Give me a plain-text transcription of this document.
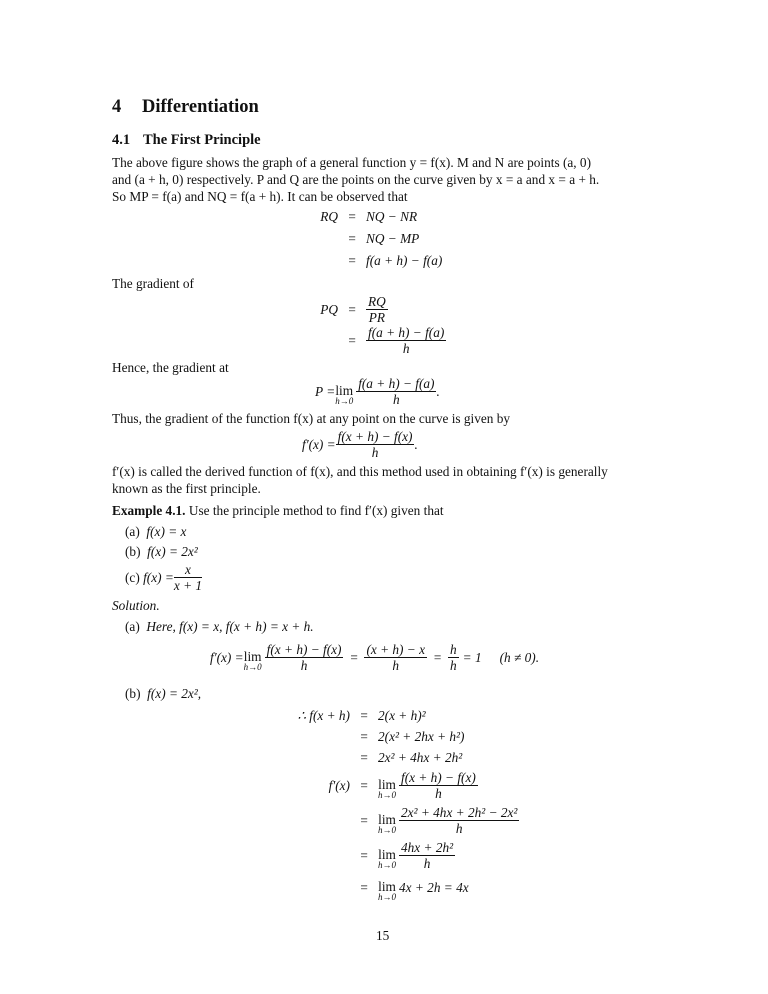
4 Differentiation
4.1 The First Principle
The above figure shows the graph of a general function y = f(x). M and N are points (a, 0)
and (a + h, 0) respectively. P and Q are the points on the curve given by x = a and x = a + h.
So MP = f(a) and NQ = f(a + h). It can be observed that
RQ = NQ − NR
= NQ − MP
= f(a + h) − f(a)
The gradient of
PQ = $\frac{RQ}{PR}$
= $\frac{f(a + h) - f(a)}{h}$
Hence, the gradient at
P = lim
$h\to 0 \frac{f(a + h) - f(a)}{h}$ .
Thus, the gradient of the function f(x) at any point on the curve is given by
$f'(x) = \frac{f(x + h) - f(x)}{h}$ .
f′(x) is called the derived function of f(x), and this method used in obtaining f′(x) is generally
known as the first principle.
Example 4.1. Use the principle method to find f′(x) given that
(a) f(x) = x
(b) f(x) = 2x²
(c)
$f(x) = \frac{x}{x + 1}$
Solution.
(a) Here, f(x) = x, f(x + h) = x + h.
f′(x) = lim
$h\to 0 \frac{f(x + h) - f(x)}{h} = \frac{(x + h) - x}{h} = \frac{h}{h} = 1$ (h ≠ 0).
(b) f(x) = 2x²,
∴ f(x + h) = 2(x + h)²
= 2(x² + 2hx + h²)
= 2x² + 4hx + 2h²
f′(x) = lim
$h\to 0 \frac{f(x + h) - f(x)}{h}$
= lim
$h\to 0 \frac{\text{2x² + 4hx + 2h² − 2x²}}{h}$
= lim
$h\to 0 \frac{\text{4hx + 2h²}}{h}$
= lim
h→0
4x + 2h = 4x
15
